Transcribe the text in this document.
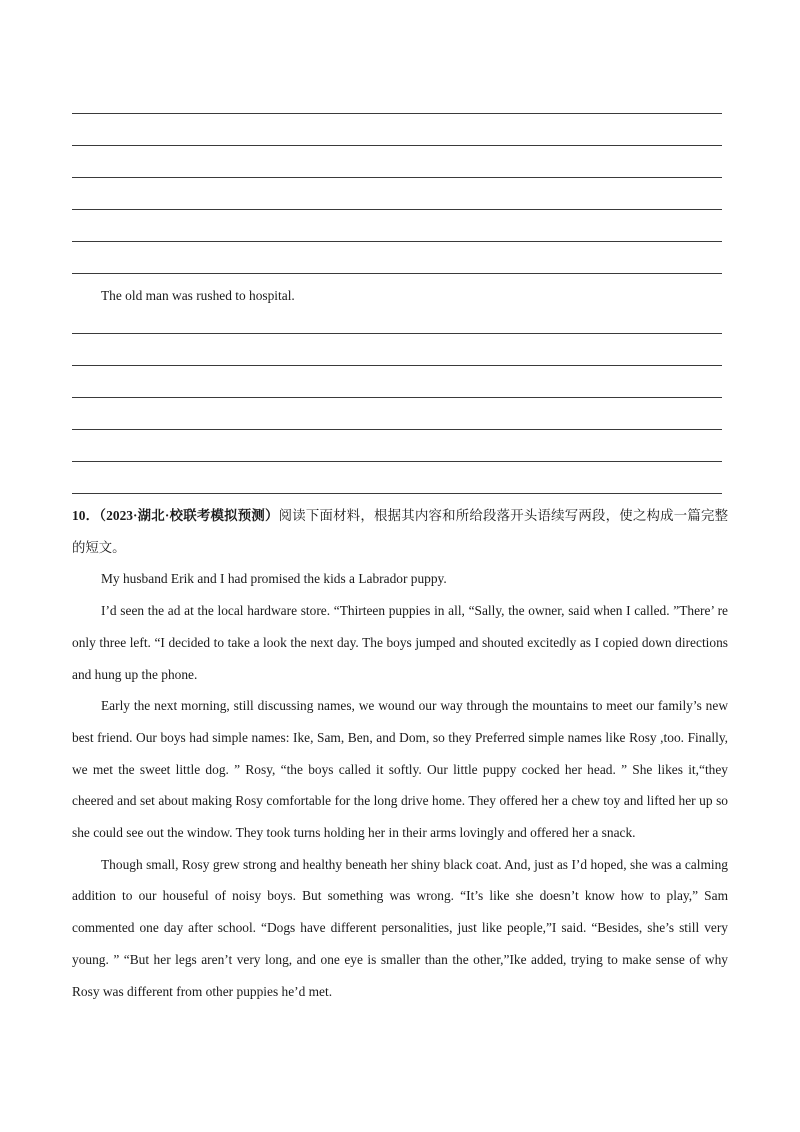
The old man was rushed to hospital.

10．（2023·湖北·校联考模拟预测）阅读下面材料，根据其内容和所给段落开头语续写两段，使之构成一篇完整的短文。

My husband Erik and I had promised the kids a Labrador puppy.

I’d seen the ad at the local hardware store. “Thirteen puppies in all, “Sally, the owner, said when I called. ”There’ re only three left. “I decided to take a look the next day. The boys jumped and shouted excitedly as I copied down directions and hung up the phone.

Early the next morning, still discussing names, we wound our way through the mountains to meet our family’s new best friend. Our boys had simple names: Ike, Sam, Ben, and Dom, so they Preferred simple names like Rosy ,too. Finally, we met the sweet little dog. ” Rosy, “the boys called it softly. Our little puppy cocked her head. ” She likes it,“they cheered and set about making Rosy comfortable for the long drive home. They offered her a chew toy and lifted her up so she could see out the window. They took turns holding her in their arms lovingly and offered her a snack.

Though small, Rosy grew strong and healthy beneath her shiny black coat. And, just as I’d hoped, she was a calming addition to our houseful of noisy boys. But something was wrong. “It’s like she doesn’t know how to play,” Sam commented one day after school. “Dogs have different personalities, just like people,”I said. “Besides, she’s still very young. ” “But her legs aren’t very long, and one eye is smaller than the other,”Ike added, trying to make sense of why Rosy was different from other puppies he’d met.
